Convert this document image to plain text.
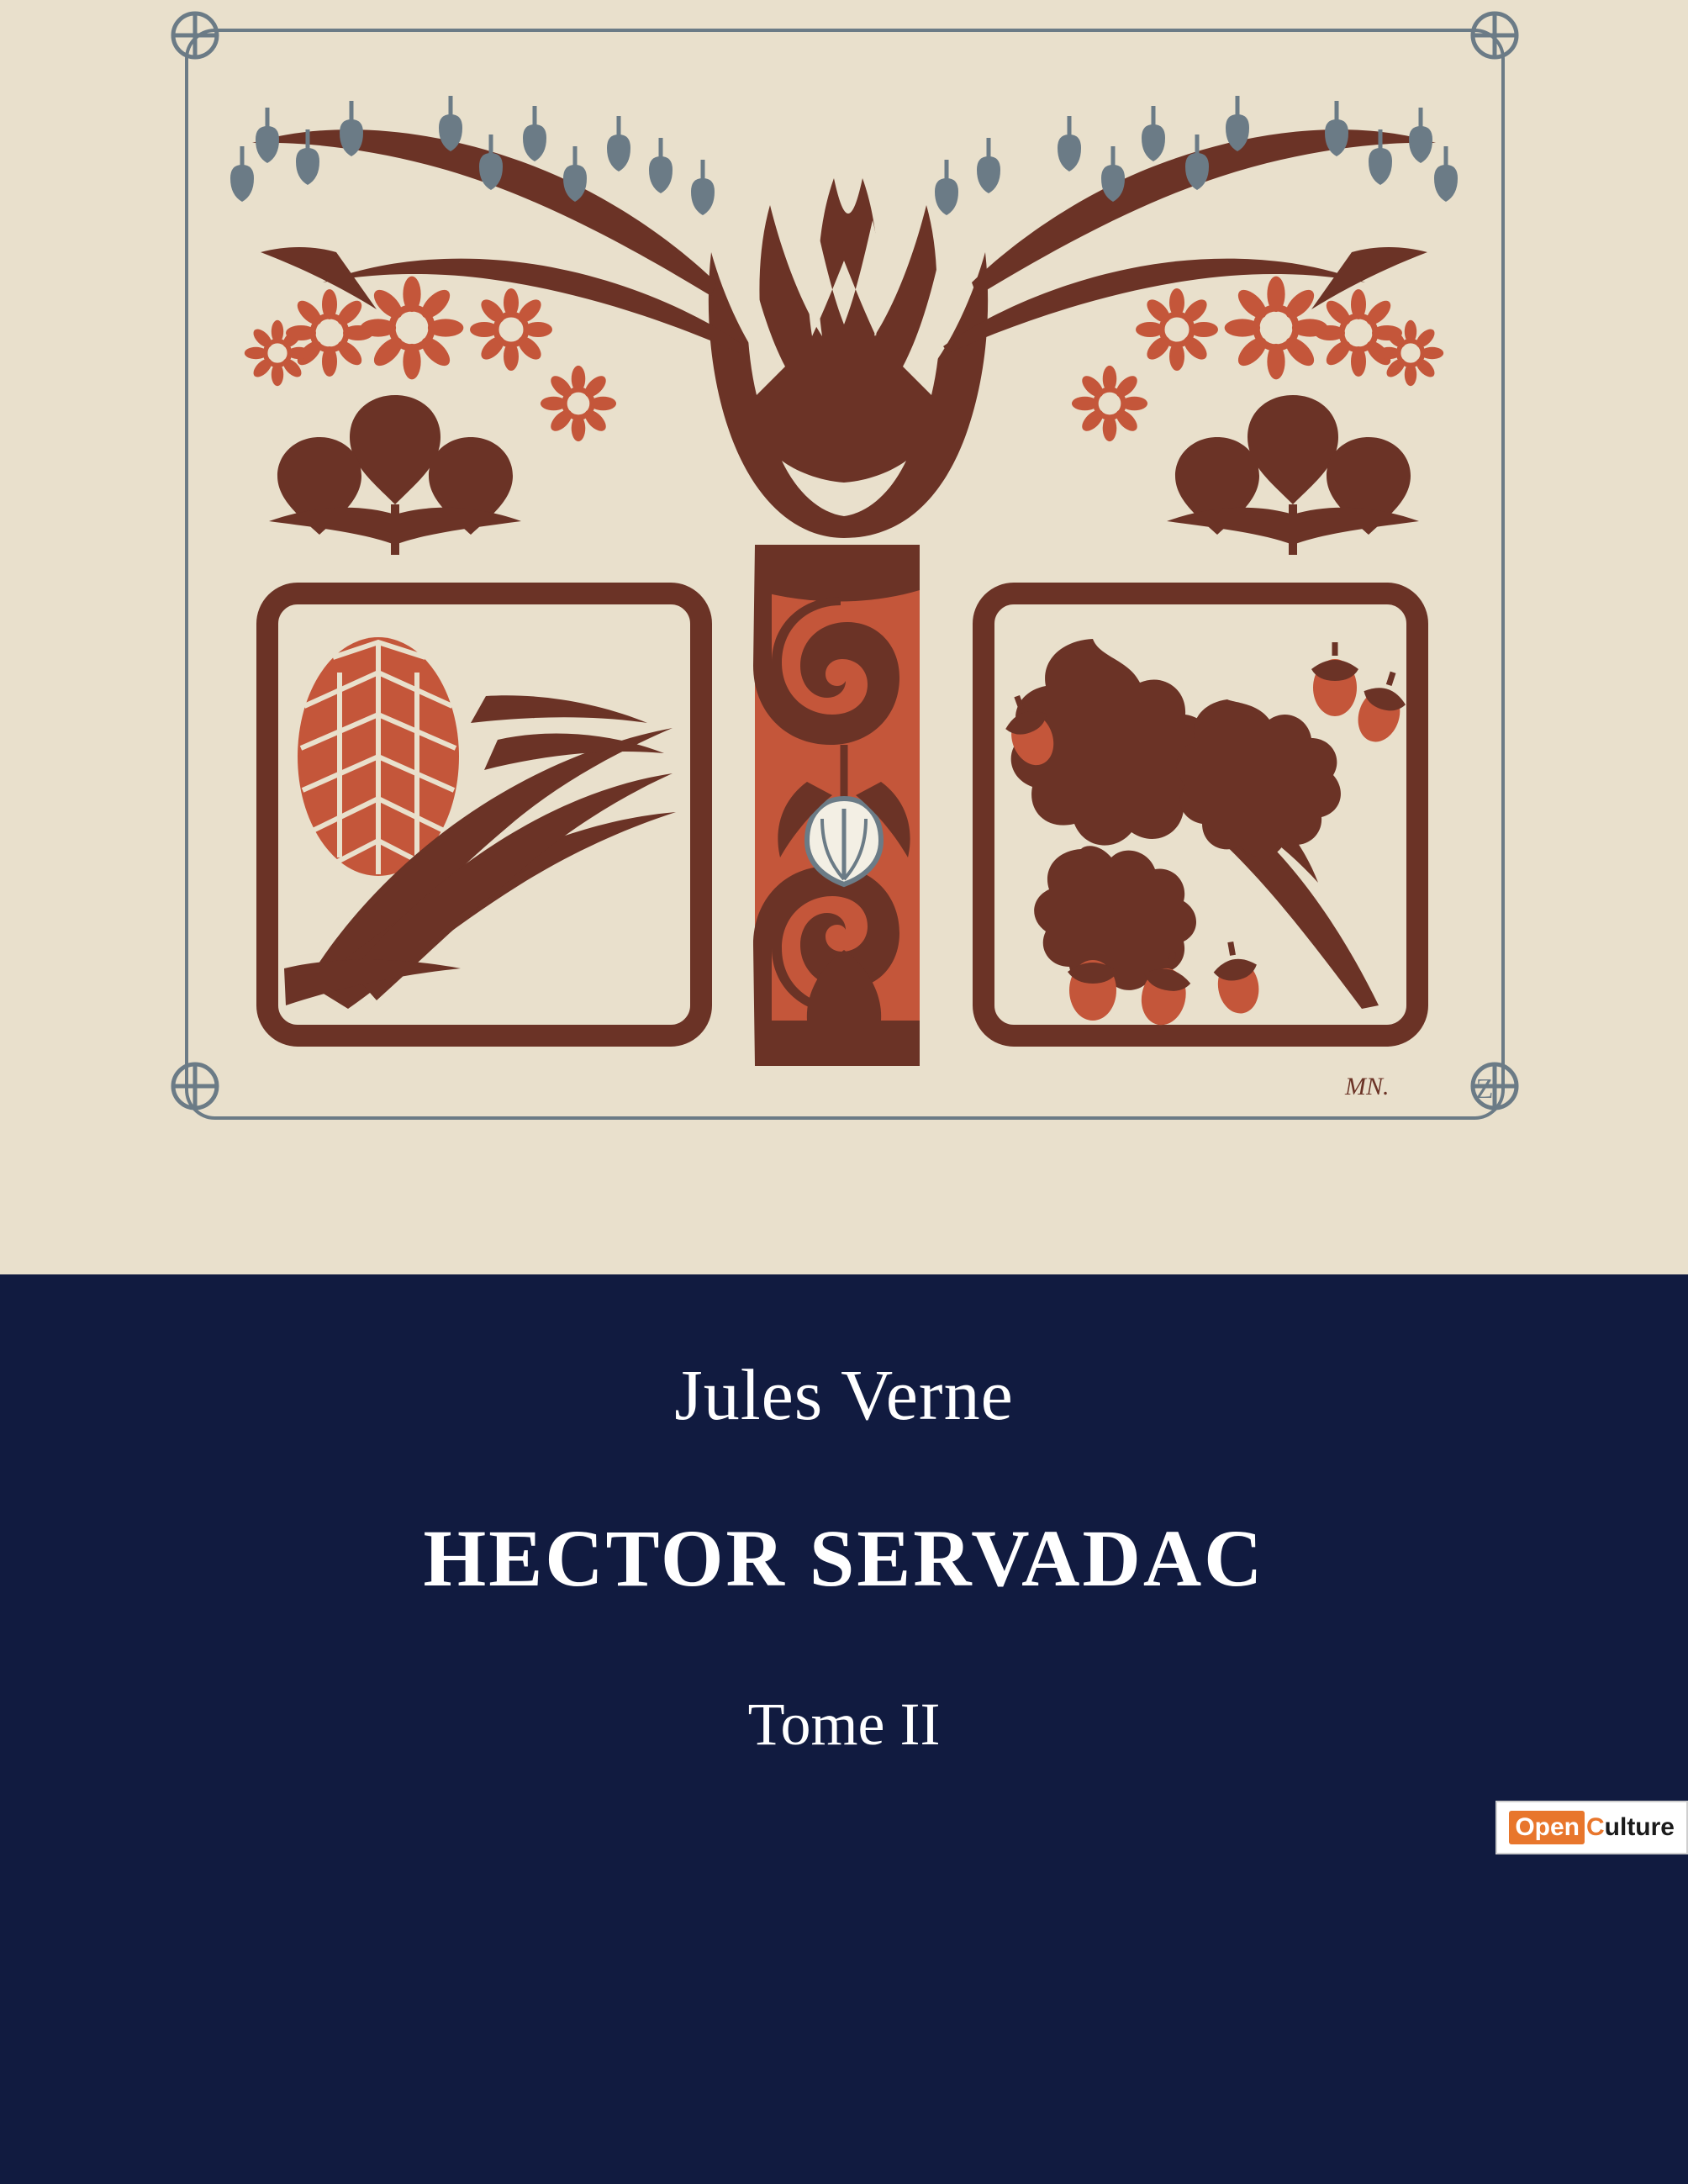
MN.	Z
Jules Verne
HECTOR SERVADAC
Tome II
Open C ulture
